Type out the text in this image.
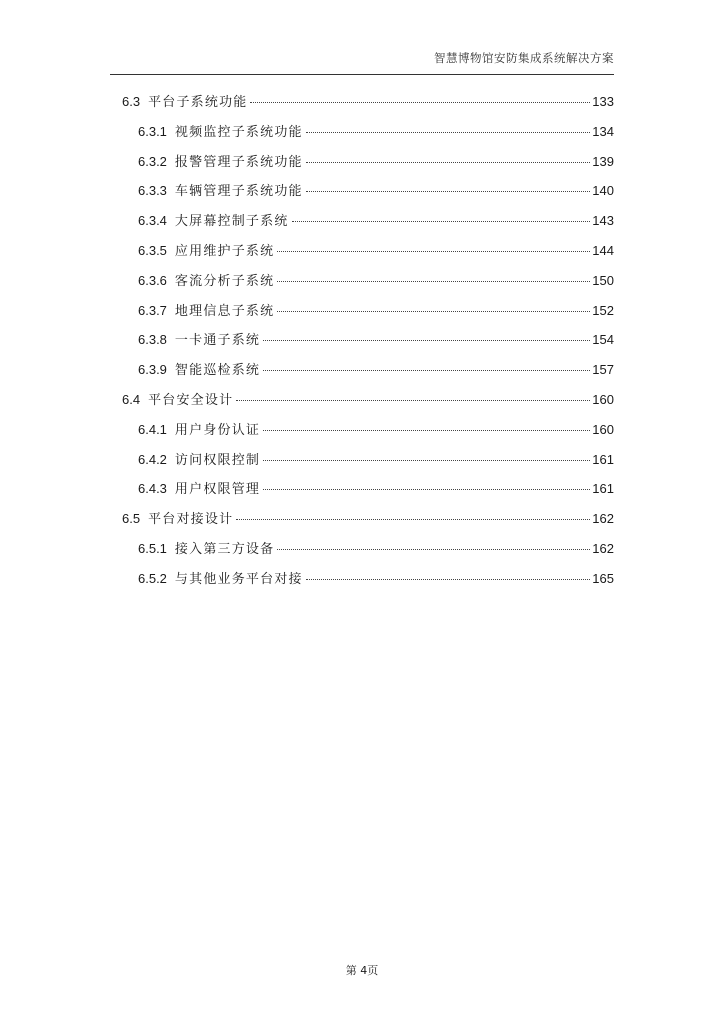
智慧博物馆安防集成系统解决方案
6.3 平台子系统功能	133
6.3.1 视频监控子系统功能	134
6.3.2 报警管理子系统功能	139
6.3.3 车辆管理子系统功能	140
6.3.4 大屏幕控制子系统	143
6.3.5 应用维护子系统	144
6.3.6 客流分析子系统	150
6.3.7 地理信息子系统	152
6.3.8 一卡通子系统	154
6.3.9 智能巡检系统	157
6.4 平台安全设计	160
6.4.1 用户身份认证	160
6.4.2 访问权限控制	161
6.4.3 用户权限管理	161
6.5 平台对接设计	162
6.5.1 接入第三方设备	162
6.5.2 与其他业务平台对接	165
第 4页
